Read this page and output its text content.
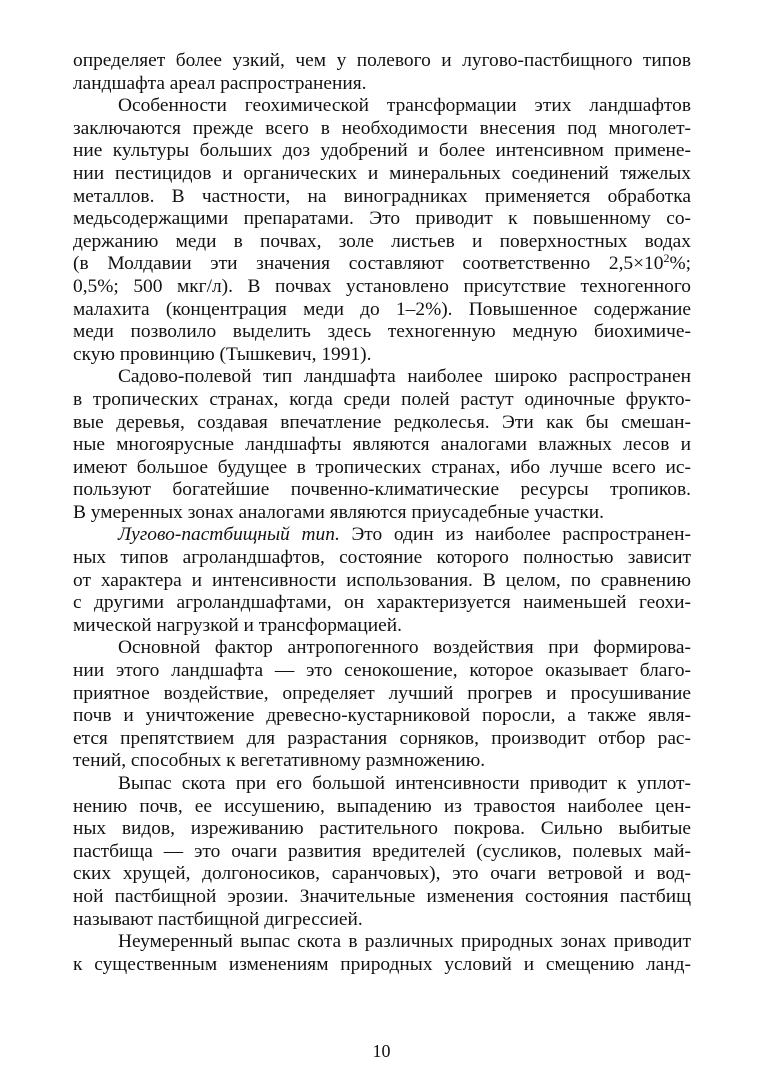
определяет более узкий, чем у полевого и лугово-пастбищного типов
ландшафта ареал распространения.
Особенности геохимической трансформации этих ландшафтов
заключаются прежде всего в необходимости внесения под многолет-
ние культуры больших доз удобрений и более интенсивном примене-
нии пестицидов и органических и минеральных соединений тяжелых
металлов. В частности, на виноградниках применяется обработка
медьсодержащими препаратами. Это приводит к повышенному со-
держанию меди в почвах, золе листьев и поверхностных водах
(в Молдавии эти значения составляют соответственно $2,5\times 10^2\%$;
0,5%; 500 мкг/л). В почвах установлено присутствие техногенного
малахита (концентрация меди до 1–2%). Повышенное содержание
меди позволило выделить здесь техногенную медную биохимиче-
скую провинцию (Тышкевич, 1991).
Садово-полевой тип ландшафта наиболее широко распространен
в тропических странах, когда среди полей растут одиночные фрукто-
вые деревья, создавая впечатление редколесья. Эти как бы смешан-
ные многоярусные ландшафты являются аналогами влажных лесов и
имеют большое будущее в тропических странах, ибо лучше всего ис-
пользуют богатейшие почвенно-климатические ресурсы тропиков.
В умеренных зонах аналогами являются приусадебные участки.
Лугово-пастбищный тип. Это один из наиболее распространен-
ных типов агроландшафтов, состояние которого полностью зависит
от характера и интенсивности использования. В целом, по сравнению
с другими агроландшафтами, он характеризуется наименьшей геохи-
мической нагрузкой и трансформацией.
Основной фактор антропогенного воздействия при формирова-
нии этого ландшафта — это сенокошение, которое оказывает благо-
приятное воздействие, определяет лучший прогрев и просушивание
почв и уничтожение древесно-кустарниковой поросли, а также явля-
ется препятствием для разрастания сорняков, производит отбор рас-
тений, способных к вегетативному размножению.
Выпас скота при его большой интенсивности приводит к уплот-
нению почв, ее иссушению, выпадению из травостоя наиболее цен-
ных видов, изреживанию растительного покрова. Сильно выбитые
пастбища — это очаги развития вредителей (сусликов, полевых май-
ских хрущей, долгоносиков, саранчовых), это очаги ветровой и вод-
ной пастбищной эрозии. Значительные изменения состояния пастбищ
называют пастбищной дигрессией.
Неумеренный выпас скота в различных природных зонах приводит
к существенным изменениям природных условий и смещению ланд-
10
